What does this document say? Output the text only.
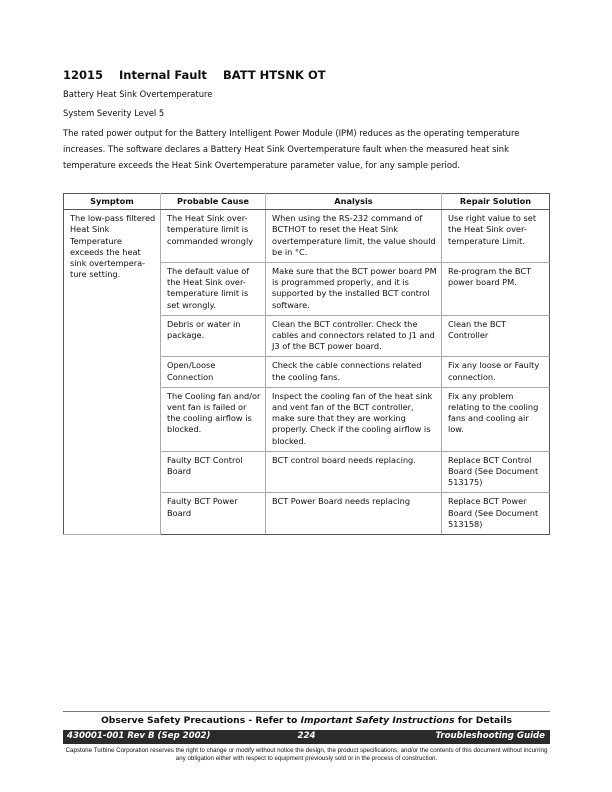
12015 Internal Fault BATT HTSNK OT
Battery Heat Sink Overtemperature
System Severity Level 5
The rated power output for the Battery Intelligent Power Module (IPM) reduces as the operating temperature increases. The software declares a Battery Heat Sink Overtemperature fault when the measured heat sink temperature exceeds the Heat Sink Overtemperature parameter value, for any sample period.
Symptom	Probable Cause	Analysis	Repair Solution
The low-pass filtered Heat Sink Temperature exceeds the heat sink overtempera-ture setting.	The Heat Sink over-temperature limit is commanded wrongly	When using the RS-232 command of BCTHOT to reset the Heat Sink overtemperature limit, the value should be in °C.	Use right value to set the Heat Sink over-temperature Limit.
	The default value of the Heat Sink over-temperature limit is set wrongly.	Make sure that the BCT power board PM is programmed properly, and it is supported by the installed BCT control software.	Re-program the BCT power board PM.
	Debris or water in package.	Clean the BCT controller. Check the cables and connectors related to J1 and J3 of the BCT power board.	Clean the BCT Controller
	Open/Loose Connection	Check the cable connections related the cooling fans.	Fix any loose or Faulty connection.
	The Cooling fan and/or vent fan is failed or the cooling airflow is blocked.	Inspect the cooling fan of the heat sink and vent fan of the BCT controller, make sure that they are working properly. Check if the cooling airflow is blocked.	Fix any problem relating to the cooling fans and cooling air low.
	Faulty BCT Control Board	BCT control board needs replacing.	Replace BCT Control Board (See Document 513175)
	Faulty BCT Power Board	BCT Power Board needs replacing	Replace BCT Power Board (See Document 513158)
Observe Safety Precautions - Refer to Important Safety Instructions for Details
224
430001-001 Rev B (Sep 2002)	Troubleshooting Guide
Capstone Turbine Corporation reserves the right to change or modify without notice the design, the product specifications, and/or the contents of this document without incurring any obligation either with respect to equipment previously sold or in the process of construction.
